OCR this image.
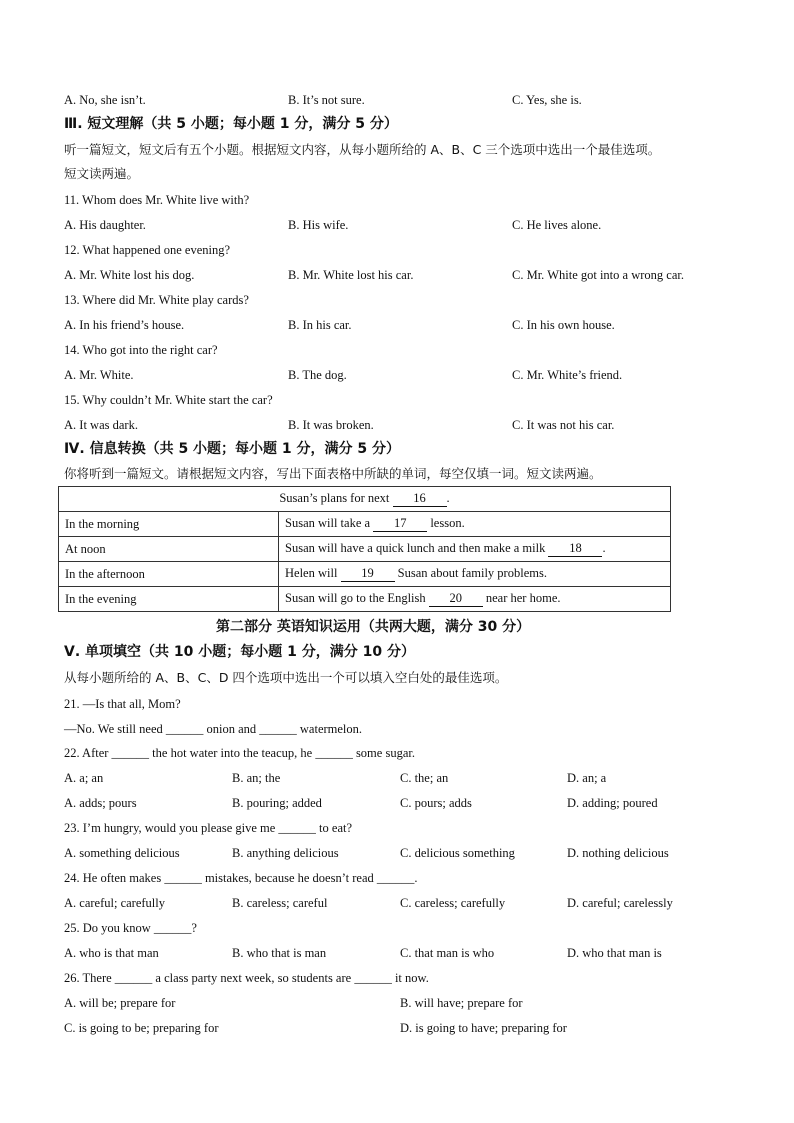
A. No, she isn’t.	B. It’s not sure.	C. Yes, she is.
Ⅲ. 短文理解（共 5 小题；每小题 1 分，满分 5 分）
听一篇短文，短文后有五个小题。根据短文内容，从每小题所给的 A、B、C 三个选项中选出一个最佳选项。
短文读两遍。
11. Whom does Mr. White live with?
A. His daughter.	B. His wife.	C. He lives alone.
12. What happened one evening?
A. Mr. White lost his dog.	B. Mr. White lost his car.	C. Mr. White got into a wrong car.
13. Where did Mr. White play cards?
A. In his friend’s house.	B. In his car.	C. In his own house.
14. Who got into the right car?
A. Mr. White.	B. The dog.	C. Mr. White’s friend.
15. Why couldn’t Mr. White start the car?
A. It was dark.	B. It was broken.	C. It was not his car.
Ⅳ. 信息转换（共 5 小题；每小题 1 分，满分 5 分）
你将听到一篇短文。请根据短文内容，写出下面表格中所缺的单词，每空仅填一词。短文读两遍。
Susan’s plans for next 16 .	
In the morning	Susan will take a 17 lesson.
At noon	Susan will have a quick lunch and then make a milk 18 .
In the afternoon	Helen will 19 Susan about family problems.
In the evening	Susan will go to the English 20 near her home.
第二部分 英语知识运用（共两大题，满分 30 分）
Ⅴ. 单项填空（共 10 小题；每小题 1 分，满分 10 分）
从每小题所给的 A、B、C、D 四个选项中选出一个可以填入空白处的最佳选项。
21. —Is that all, Mom?
—No. We still need ______ onion and ______ watermelon.
22. After ______ the hot water into the teacup, he ______ some sugar.
A. a; an	B. an; the	C. the; an	D. an; a
A. adds; pours	B. pouring; added	C. pours; adds	D. adding; poured
23. I’m hungry, would you please give me ______ to eat?
A. something delicious	B. anything delicious	C. delicious something	D. nothing delicious
24. He often makes ______ mistakes, because he doesn’t read ______.
A. careful; carefully	B. careless; careful	C. careless; carefully	D. careful; carelessly
25. Do you know ______?
A. who is that man	B. who that is man	C. that man is who	D. who that man is
26. There ______ a class party next week, so students are ______ it now.
A. will be; prepare for	B. will have; prepare for
C. is going to be; preparing for	D. is going to have; preparing for
